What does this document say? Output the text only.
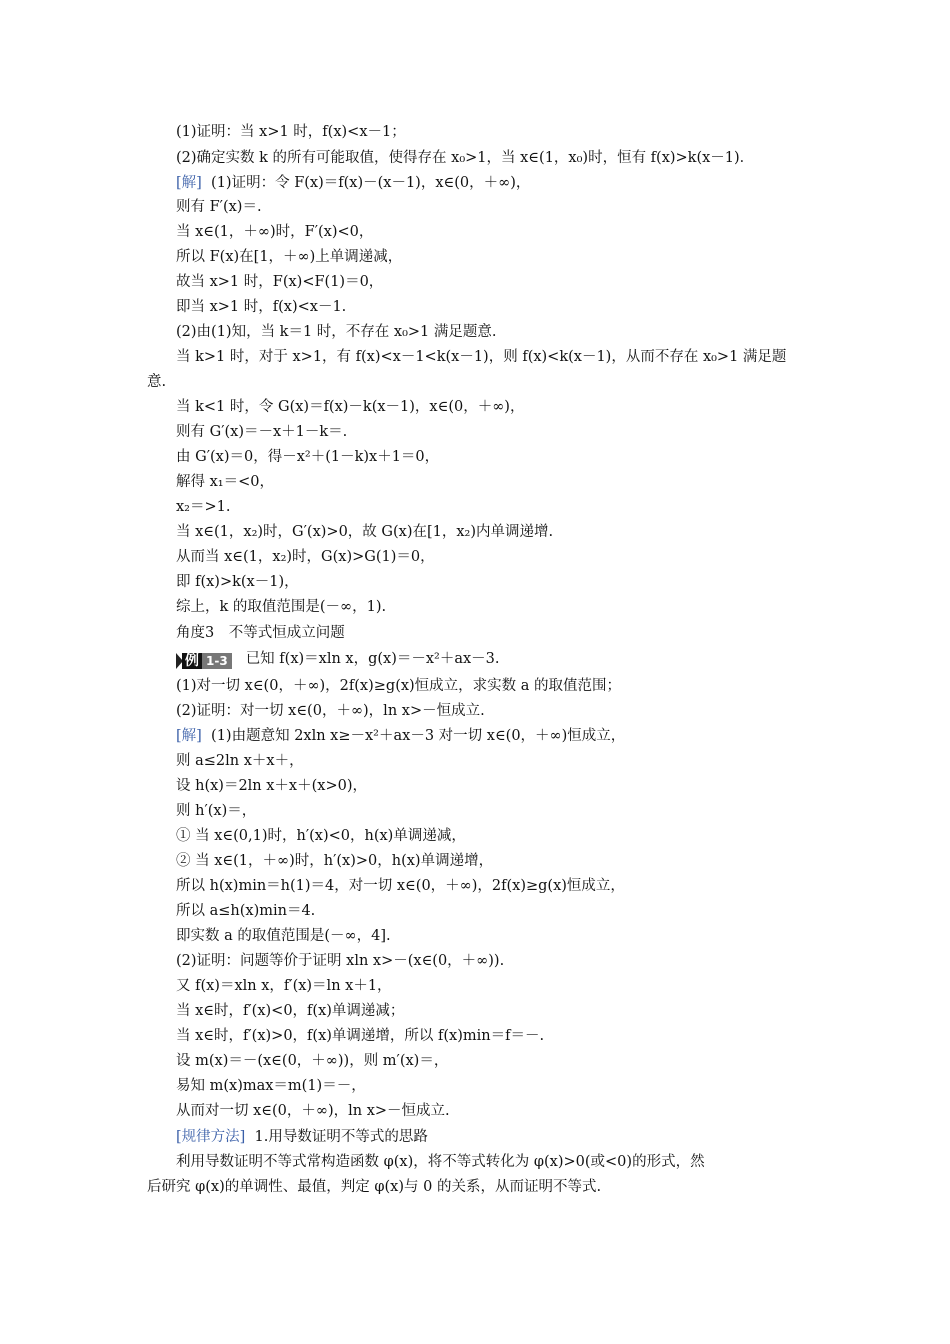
(1)证明：当 x>1 时，f(x)<x－1；
(2)确定实数 k 的所有可能取值，使得存在 x₀>1，当 x∈(1，x₀)时，恒有 f(x)>k(x－1)．
[解] (1)证明：令 F(x)＝f(x)－(x－1)，x∈(0，＋∞)，
则有 F′(x)＝.
当 x∈(1，＋∞)时，F′(x)<0，
所以 F(x)在[1，＋∞)上单调递减，
故当 x>1 时，F(x)<F(1)＝0，
即当 x>1 时，f(x)<x－1.
(2)由(1)知，当 k＝1 时，不存在 x₀>1 满足题意.
当 k>1 时，对于 x>1，有 f(x)<x－1<k(x－1)，则 f(x)<k(x－1)，从而不存在 x₀>1 满足题
意.
当 k<1 时，令 G(x)＝f(x)－k(x－1)，x∈(0，＋∞)，
则有 G′(x)＝－x＋1－k＝.
由 G′(x)＝0，得－x²＋(1－k)x＋1＝0，
解得 x₁＝<0，
x₂＝>1.
当 x∈(1，x₂)时，G′(x)>0，故 G(x)在[1，x₂)内单调递增.
从而当 x∈(1，x₂)时，G(x)>G(1)＝0，
即 f(x)>k(x－1)，
综上，k 的取值范围是(－∞，1).
角度3　不等式恒成立问题
例 1-3 已知 f(x)＝xln x，g(x)＝－x²＋ax－3.
(1)对一切 x∈(0，＋∞)，2f(x)≥g(x)恒成立，求实数 a 的取值范围；
(2)证明：对一切 x∈(0，＋∞)，ln x>－恒成立.
[解] (1)由题意知 2xln x≥－x²＋ax－3 对一切 x∈(0，＋∞)恒成立，
则 a≤2ln x＋x＋，
设 h(x)＝2ln x＋x＋(x>0)，
则 h′(x)＝，
① 当 x∈(0,1)时，h′(x)<0，h(x)单调递减，
② 当 x∈(1，＋∞)时，h′(x)>0，h(x)单调递增，
所以 h(x)min＝h(1)＝4，对一切 x∈(0，＋∞)，2f(x)≥g(x)恒成立，
所以 a≤h(x)min＝4.
即实数 a 的取值范围是(－∞，4].
(2)证明：问题等价于证明 xln x>－(x∈(0，＋∞)).
又 f(x)＝xln x，f′(x)＝ln x＋1，
当 x∈时，f′(x)<0，f(x)单调递减；
当 x∈时，f′(x)>0，f(x)单调递增，所以 f(x)min＝f＝－.
设 m(x)＝－(x∈(0，＋∞))，则 m′(x)＝，
易知 m(x)max＝m(1)＝－，
从而对一切 x∈(0，＋∞)，ln x>－恒成立.
[规律方法] 1.用导数证明不等式的思路
利用导数证明不等式常构造函数 φ(x)，将不等式转化为 φ(x)>0(或<0)的形式，然
后研究 φ(x)的单调性、最值，判定 φ(x)与 0 的关系，从而证明不等式.
